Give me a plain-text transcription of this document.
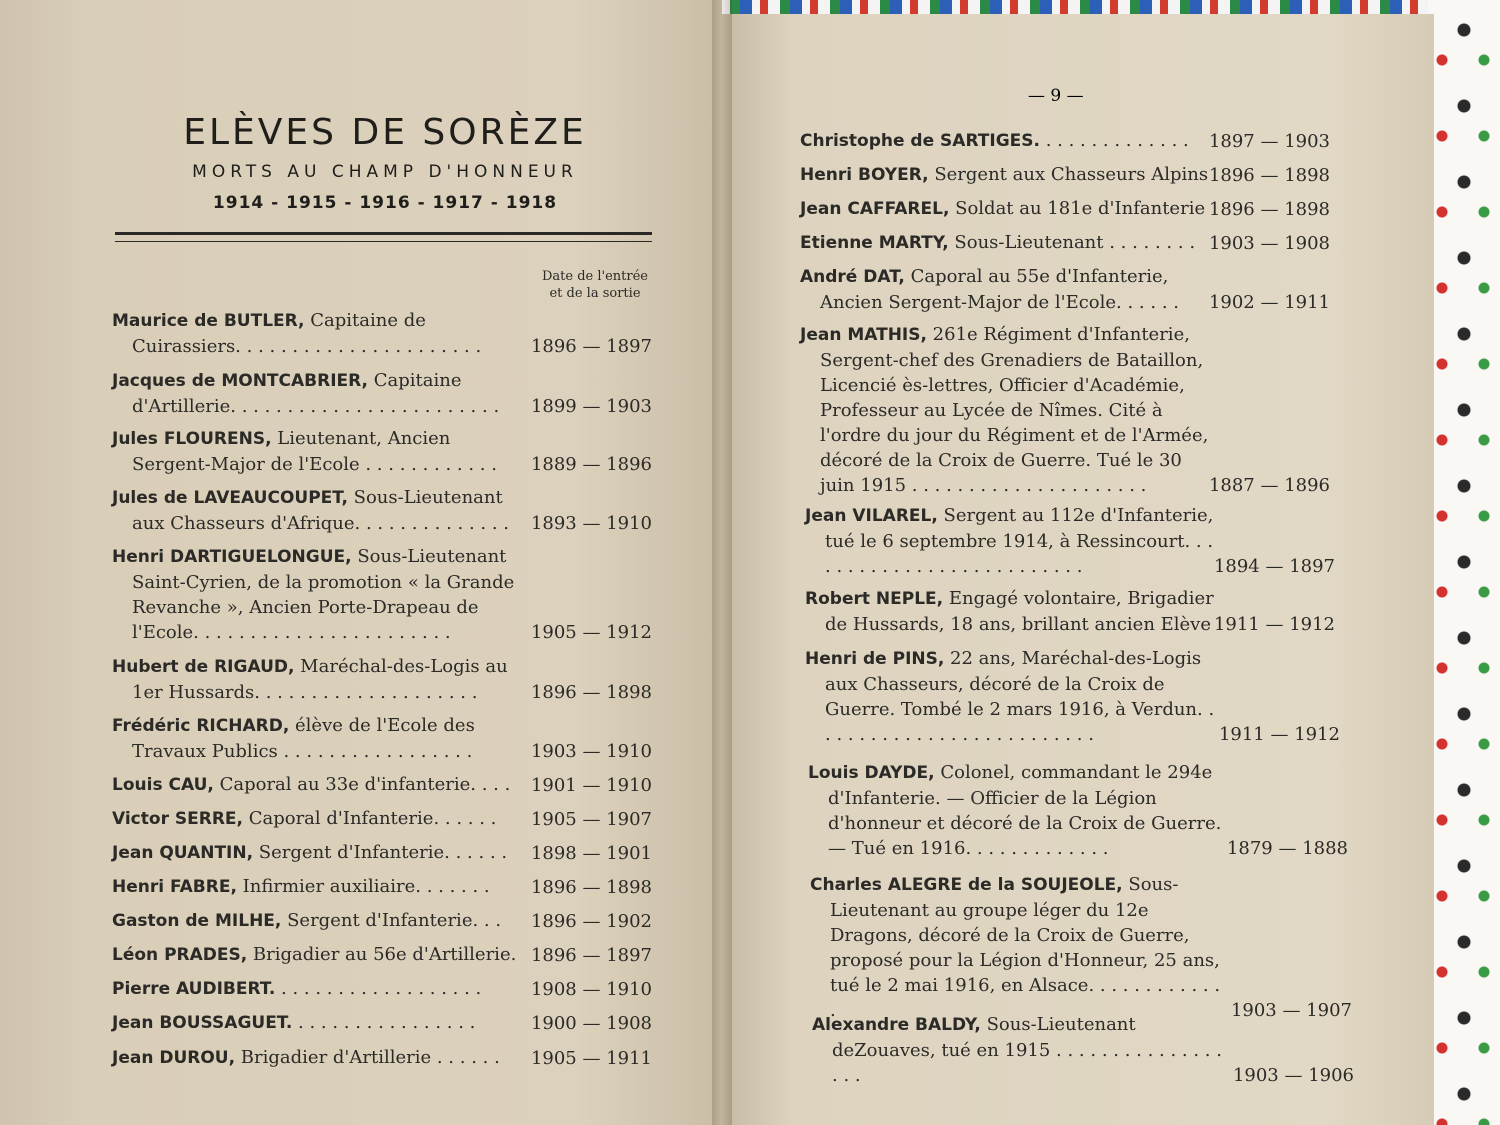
ELÈVES DE SORÈZE
MORTS AU CHAMP D'HONNEUR
1914 - 1915 - 1916 - 1917 - 1918
Date de l'entrée
et de la sortie
— 9 —
Maurice de BUTLER, Capitaine de Cuirassiers. . . . . . . . . . . . . . . . . . . . . .	1896 — 1897
Jacques de MONTCABRIER, Capitaine d'Artillerie. . . . . . . . . . . . . . . . . . . . . . . .	1899 — 1903
Jules FLOURENS, Lieutenant, Ancien Sergent-Major de l'Ecole . . . . . . . . . . . .	1889 — 1896
Jules de LAVEAUCOUPET, Sous-Lieutenant aux Chasseurs d'Afrique. . . . . . . . . . . . . .	1893 — 1910
Henri DARTIGUELONGUE, Sous-Lieutenant Saint-Cyrien, de la promotion « la Grande Revanche », Ancien Porte-Drapeau de l'Ecole. . . . . . . . . . . . . . . . . . . . . . .	1905 — 1912
Hubert de RIGAUD, Maréchal-des-Logis au 1er Hussards. . . . . . . . . . . . . . . . . . . .	1896 — 1898
Frédéric RICHARD, élève de l'Ecole des Travaux Publics . . . . . . . . . . . . . . . . .	1903 — 1910
Louis CAU, Caporal au 33e d'infanterie. . . .	1901 — 1910
Victor SERRE, Caporal d'Infanterie. . . . . .	1905 — 1907
Jean QUANTIN, Sergent d'Infanterie. . . . . .	1898 — 1901
Henri FABRE, Infirmier auxiliaire. . . . . . .	1896 — 1898
Gaston de MILHE, Sergent d'Infanterie. . .	1896 — 1902
Léon PRADES, Brigadier au 56e d'Artillerie. 1896 — 1897
Pierre AUDIBERT. . . . . . . . . . . . . . . . . . .	1908 — 1910
Jean BOUSSAGUET. . . . . . . . . . . . . . . . .	1900 — 1908
Jean DUROU, Brigadier d'Artillerie . . . . . .	1905 — 1911
Christophe de SARTIGES. . . . . . . . . . . . . .	1897 — 1903
Henri BOYER, Sergent aux Chasseurs Alpins 1896 — 1898
Jean CAFFAREL, Soldat au 181e d'Infanterie 1896 — 1898
Etienne MARTY, Sous-Lieutenant . . . . . . . . 1903 — 1908
André DAT, Caporal au 55e d'Infanterie, Ancien Sergent-Major de l'Ecole. . . . . .	1902 — 1911
Jean MATHIS, 261e Régiment d'Infanterie, Sergent-chef des Grenadiers de Bataillon, Licencié ès-lettres, Officier d'Académie, Professeur au Lycée de Nîmes. Cité à l'ordre du jour du Régiment et de l'Armée, décoré de la Croix de Guerre. Tué le 30 juin 1915 . . . . . . . . . . . . . . . . . . . . .	1887 — 1896
Jean VILAREL, Sergent au 112e d'Infanterie, tué le 6 septembre 1914, à Ressincourt. . . . . . . . . . . . . . . . . . . . . . . . . .	1894 — 1897
Robert NEPLE, Engagé volontaire, Brigadier de Hussards, 18 ans, brillant ancien Elève 1911 — 1912
Henri de PINS, 22 ans, Maréchal-des-Logis aux Chasseurs, décoré de la Croix de Guerre. Tombé le 2 mars 1916, à Verdun. . . . . . . . . . . . . . . . . . . . . . . . . .	1911 — 1912
Louis DAYDE, Colonel, commandant le 294e d'Infanterie. — Officier de la Légion d'honneur et décoré de la Croix de Guerre. — Tué en 1916. . . . . . . . . . . . .	1879 — 1888
Charles ALEGRE de la SOUJEOLE, Sous-Lieutenant au groupe léger du 12e Dragons, décoré de la Croix de Guerre, proposé pour la Légion d'Honneur, 25 ans, tué le 2 mai 1916, en Alsace. . . . . . . . . . . . .	1903 — 1907
Alexandre BALDY, Sous-Lieutenant deZouaves, tué en 1915 . . . . . . . . . . . . . . . . . .	1903 — 1906
